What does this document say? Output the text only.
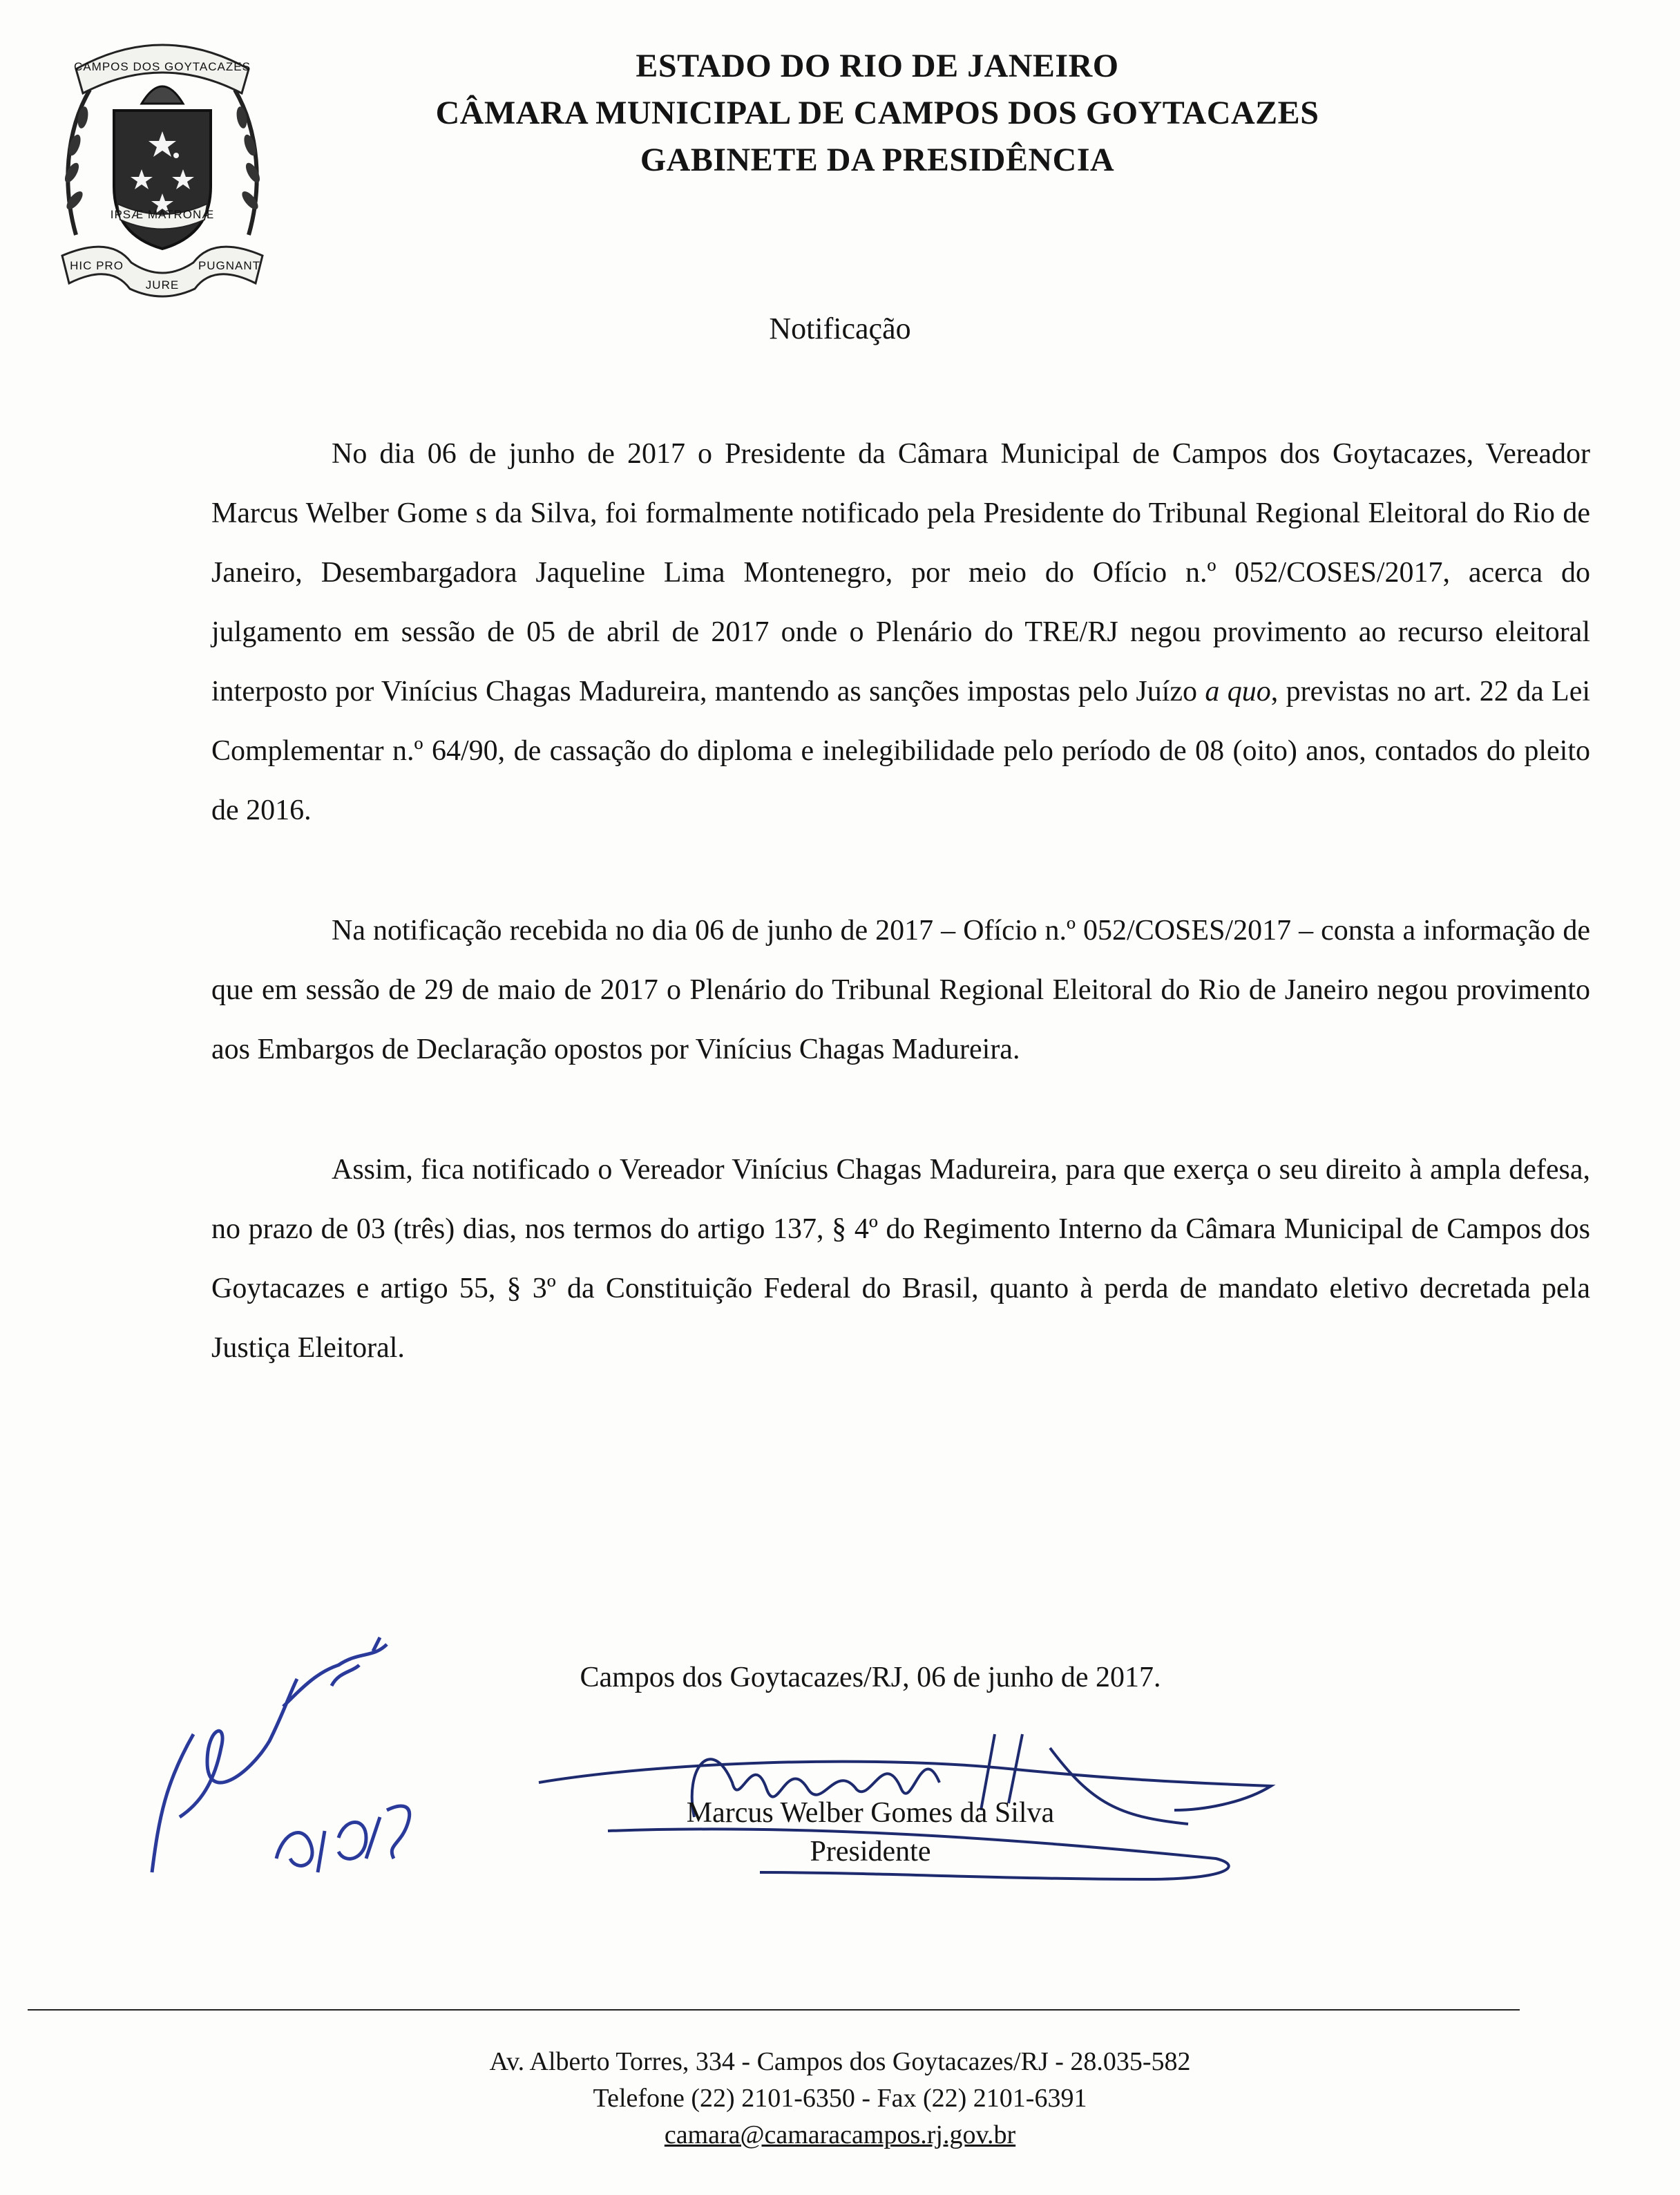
CAMPOS DOS GOYTACAZES
IPSÆ MATRONÆ
HIC PRO
JURE
PUGNANT
ESTADO DO RIO DE JANEIRO
CÂMARA MUNICIPAL DE CAMPOS DOS GOYTACAZES
GABINETE DA PRESIDÊNCIA
Notificação

No dia 06 de junho de 2017 o Presidente da Câmara Municipal de Campos dos Goytacazes, Vereador Marcus Welber Gome s da Silva, foi formalmente notificado pela Presidente do Tribunal Regional Eleitoral do Rio de Janeiro, Desembargadora Jaqueline Lima Montenegro, por meio do Ofício n.º 052/COSES/2017, acerca do julgamento em sessão de 05 de abril de 2017 onde o Plenário do TRE/RJ negou provimento ao recurso eleitoral interposto por Vinícius Chagas Madureira, mantendo as sanções impostas pelo Juízo a quo, previstas no art. 22 da Lei Complementar n.º 64/90, de cassação do diploma e inelegibilidade pelo período de 08 (oito) anos, contados do pleito de 2016.

Na notificação recebida no dia 06 de junho de 2017 – Ofício n.º 052/COSES/2017 – consta a informação de que em sessão de 29 de maio de 2017 o Plenário do Tribunal Regional Eleitoral do Rio de Janeiro negou provimento aos Embargos de Declaração opostos por Vinícius Chagas Madureira.

Assim, fica notificado o Vereador Vinícius Chagas Madureira, para que exerça o seu direito à ampla defesa, no prazo de 03 (três) dias, nos termos do artigo 137, § 4º do Regimento Interno da Câmara Municipal de Campos dos Goytacazes e artigo 55, § 3º da Constituição Federal do Brasil, quanto à perda de mandato eletivo decretada pela Justiça Eleitoral.

Campos dos Goytacazes/RJ, 06 de junho de 2017.
Marcus Welber Gomes da Silva
Presidente
Av. Alberto Torres, 334 - Campos dos Goytacazes/RJ - 28.035-582
Telefone (22) 2101-6350 - Fax (22) 2101-6391
camara@camaracampos.rj.gov.br
